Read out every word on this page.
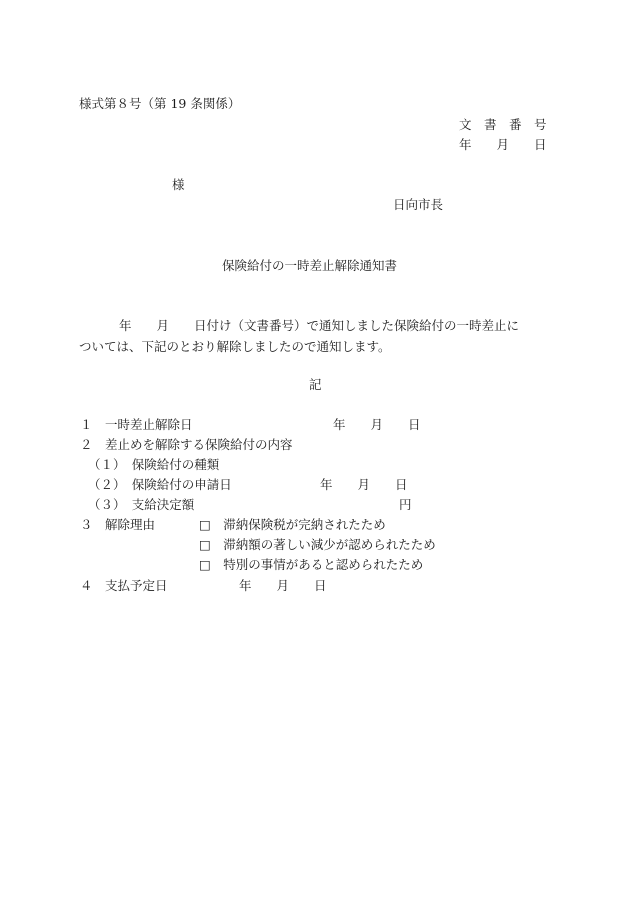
様式第８号（第 19 条関係）
文　書　番　号
年　　月　　日
様
日向市長
保険給付の一時差止解除通知書
年　　月　　日付け（文書番号）で通知しました保険給付の一時差止に
ついては、下記のとおり解除しましたので通知します。
記
１　一時差止解除日	年　　月　　日
２　差止めを解除する保険給付の内容
（１）　保険給付の種類
（２）　保険給付の申請日	年　　月　　日
（３）　支給決定額	円
３　解除理由	□　滞納保険税が完納されたため
□　滞納額の著しい減少が認められたため
□　特別の事情があると認められたため
４　支払予定日	年　　月　　日
